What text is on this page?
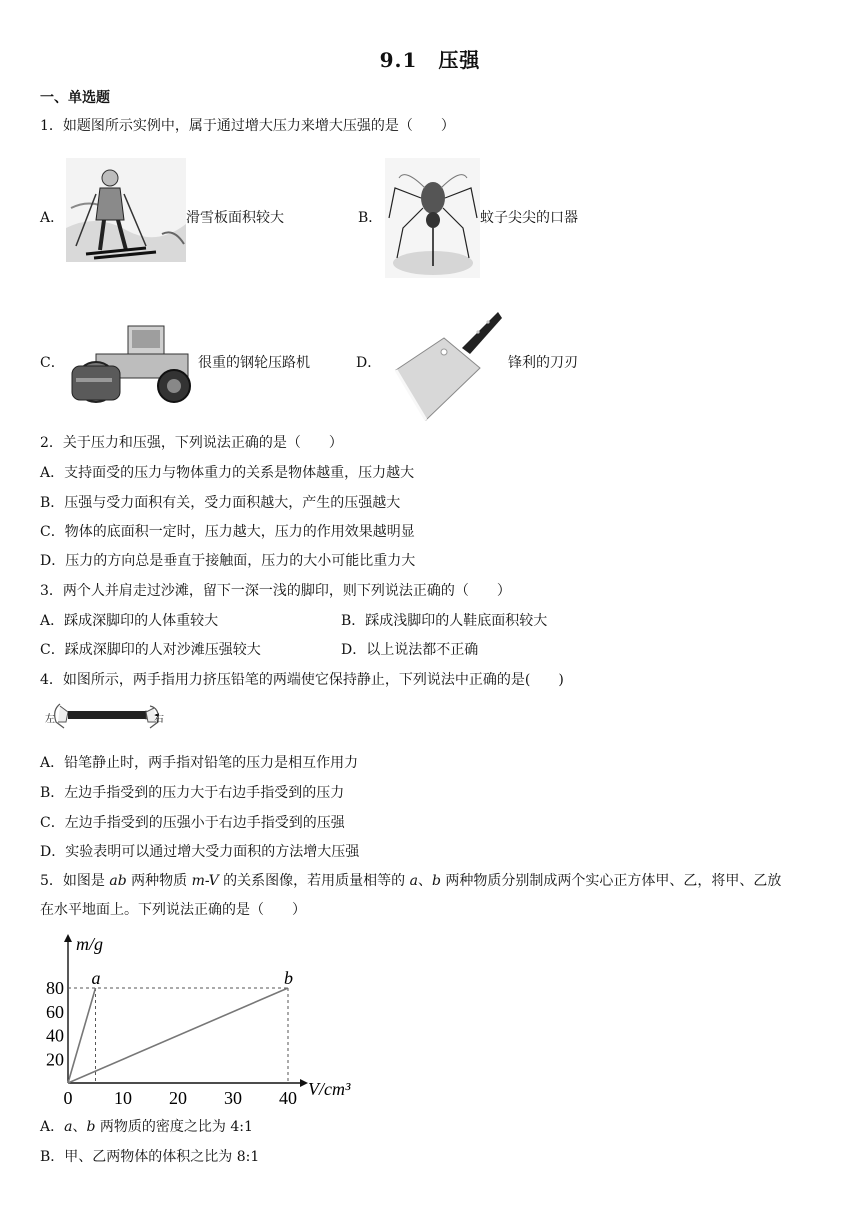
9.1　压强
一、单选题
1．如题图所示实例中，属于通过增大压力来增大压强的是（　　）
A．	滑雪板面积较大	B．	蚊子尖尖的口器
C．	很重的钢轮压路机	D．	锋利的刀刃
2．关于压力和压强，下列说法正确的是（　　）
A．支持面受的压力与物体重力的关系是物体越重，压力越大
B．压强与受力面积有关，受力面积越大，产生的压强越大
C．物体的底面积一定时，压力越大，压力的作用效果越明显
D．压力的方向总是垂直于接触面，压力的大小可能比重力大
3．两个人并肩走过沙滩，留下一深一浅的脚印，则下列说法正确的（　　）
A．踩成深脚印的人体重较大	B．踩成浅脚印的人鞋底面积较大
C．踩成深脚印的人对沙滩压强较大	D．以上说法都不正确
4．如图所示，两手指用力挤压铅笔的两端使它保持静止，下列说法中正确的是(　　)
左	右
A．铅笔静止时，两手指对铅笔的压力是相互作用力
B．左边手指受到的压力大于右边手指受到的压力
C．左边手指受到的压强小于右边手指受到的压强
D．实验表明可以通过增大受力面积的方法增大压强
5．如图是 ab 两种物质 m-V 的关系图像，若用质量相等的 a、b 两种物质分别制成两个实心正方体甲、乙，将甲、乙放
在水平地面上。下列说法正确的是（　　）
m/g
V/cm³
0 10 20 30 40
20
40
60
80 a	b
A．a、b 两物质的密度之比为 4:1
B．甲、乙两物体的体积之比为 8:1
